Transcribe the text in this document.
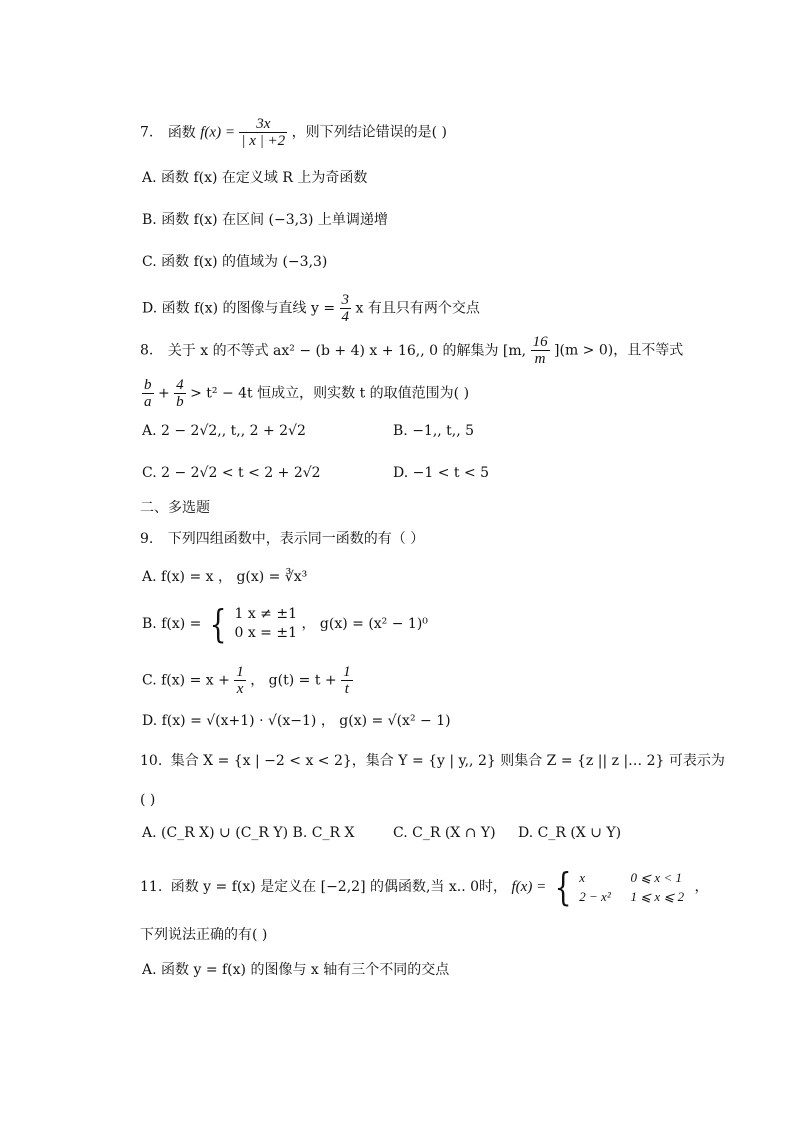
7. 函数 $f(x) = \frac{3x}{| x | +2}$ ，则下列结论错误的是( )
A. 函数 f(x) 在定义域 R 上为奇函数
B. 函数 f(x) 在区间 (−3,3) 上单调递增
C. 函数 f(x) 的值域为 (−3,3)
D. 函数 f(x) 的图像与直线 $y = \frac{3}{4}$ x 有且只有两个交点
8. 关于 x 的不等式 ax² − (b + 4) x + 16,, 0 的解集为 [m, $\frac{16}{m} ](m > 0)$，且不等式
$\frac{b}{a} + \frac{4}{b} > t^2 - 4t$ 恒成立，则实数 t 的取值范围为( )
A. 2 − 2√2,, t,, 2 + 2√2	B. −1,, t,, 5
C. 2 − 2√2 < t < 2 + 2√2	D. −1 < t < 5
二、多选题
9. 下列四组函数中，表示同一函数的有（ ）
A. f(x) = x ， g(x) = ∛x³
B. f(x) = { 1 x ≠ ±1
0 x = ±1
， g(x) = (x² − 1)⁰
C. $f(x) = x + \frac{1}{x}$ ， $g(t) = t + \frac{1}{t}$
D. f(x) = √(x+1) · √(x−1) ， g(x) = √(x² − 1)
10. 集合 X = {x | −2 < x < 2}，集合 Y = {y | y,, 2} 则集合 Z = {z || z |… 2} 可表示为
( )
A. (C_R X) ∪ (C_R Y) B. C_R X	C. C_R (X ∩ Y) D. C_R (X ∪ Y)
11. 函数 y = f(x) 是定义在 [−2,2] 的偶函数,当 x.. 0时， f(x) = { x	0 ⩽ x < 1
2 − x² 1 ⩽ x ⩽ 2
，
下列说法正确的有( )
A. 函数 y = f(x) 的图像与 x 轴有三个不同的交点
